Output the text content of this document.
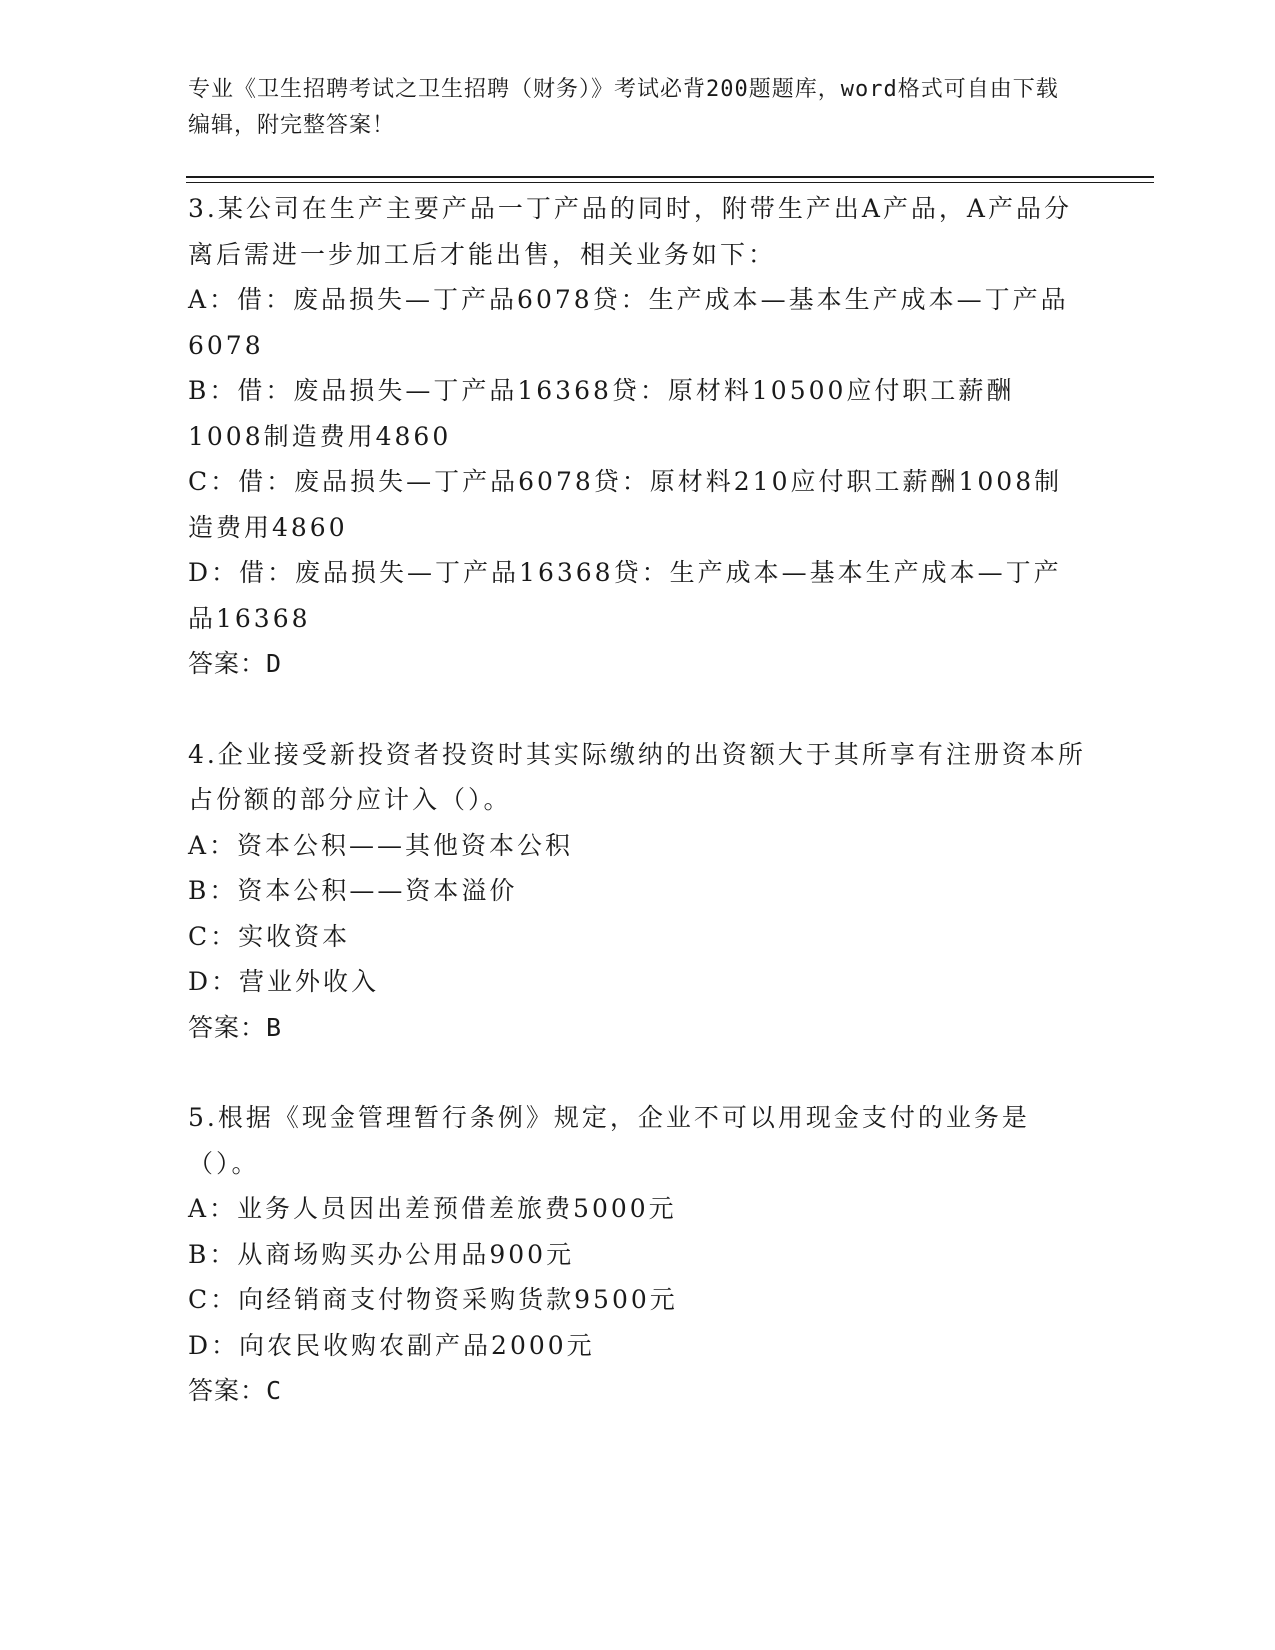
专业《卫生招聘考试之卫生招聘（财务）》考试必背200题题库，word格式可自由下载编辑，附完整答案！

3.某公司在生产主要产品一丁产品的同时，附带生产出A产品，A产品分离后需进一步加工后才能出售，相关业务如下：

A：借：废品损失—丁产品6078贷：生产成本—基本生产成本—丁产品6078

B：借：废品损失—丁产品16368贷：原材料10500应付职工薪酬1008制造费用4860

C：借：废品损失—丁产品6078贷：原材料210应付职工薪酬1008制造费用4860

D：借：废品损失—丁产品16368贷：生产成本—基本生产成本—丁产品16368

答案：D

4.企业接受新投资者投资时其实际缴纳的出资额大于其所享有注册资本所占份额的部分应计入（）。

A：资本公积——其他资本公积

B：资本公积——资本溢价

C：实收资本

D：营业外收入

答案：B

5.根据《现金管理暂行条例》规定，企业不可以用现金支付的业务是（）。

A：业务人员因出差预借差旅费5000元

B：从商场购买办公用品900元

C：向经销商支付物资采购货款9500元

D：向农民收购农副产品2000元

答案：C
